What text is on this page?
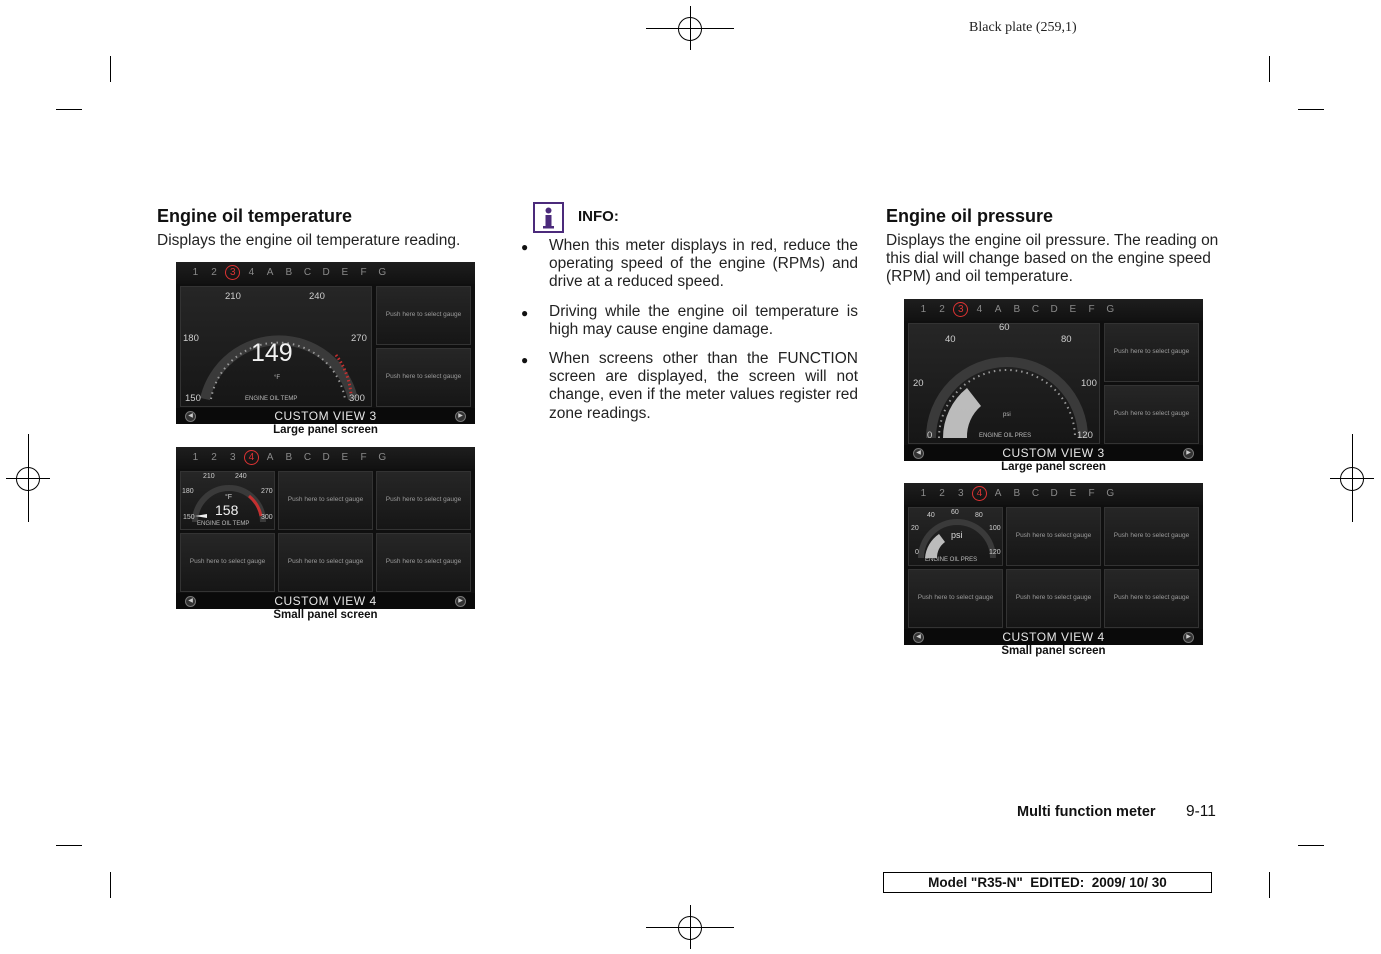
Black plate (259,1)
Engine oil temperature
Displays the engine oil temperature reading.
1	2	3	4	A	B	C	D	E	F	G
210	240
180	270
150	300
149
°F
ENGINE OIL TEMP
Push here to select gauge
Push here to select gauge
CUSTOM VIEW 3
◀	▶
Large panel screen
1	2	3	4	A	B	C	D	E	F	G
210	240
180	270
150	300
°F
158
ENGINE OIL TEMP
Push here to select gauge	Push here to select gauge
Push here to select gauge	Push here to select gauge	Push here to select gauge
CUSTOM VIEW 4
◀	▶
Small panel screen
INFO:
● When this meter displays in red, reduce the operating speed of the engine (RPMs) and drive at a reduced speed.
● Driving while the engine oil temperature is high may cause engine damage.
● When screens other than the FUNCTION screen are displayed, the screen will not change, even if the meter values register red zone readings.
Engine oil pressure
Displays the engine oil pressure. The reading on this dial will change based on the engine speed (RPM) and oil temperature.
1	2	3	4	A	B	C	D	E	F	G
60
40	80
20	100
0	120
psi
ENGINE OIL PRES
Push here to select gauge
Push here to select gauge
CUSTOM VIEW 3
◀	▶
Large panel screen
1	2	3	4	A	B	C	D	E	F	G
40 60 80
20	100
0	120
psi
ENGINE OIL PRES
Push here to select gauge	Push here to select gauge
Push here to select gauge	Push here to select gauge	Push here to select gauge
CUSTOM VIEW 4
◀	▶
Small panel screen
Multi function meter 9-11
Model "R35-N"  EDITED:  2009/ 10/ 30
